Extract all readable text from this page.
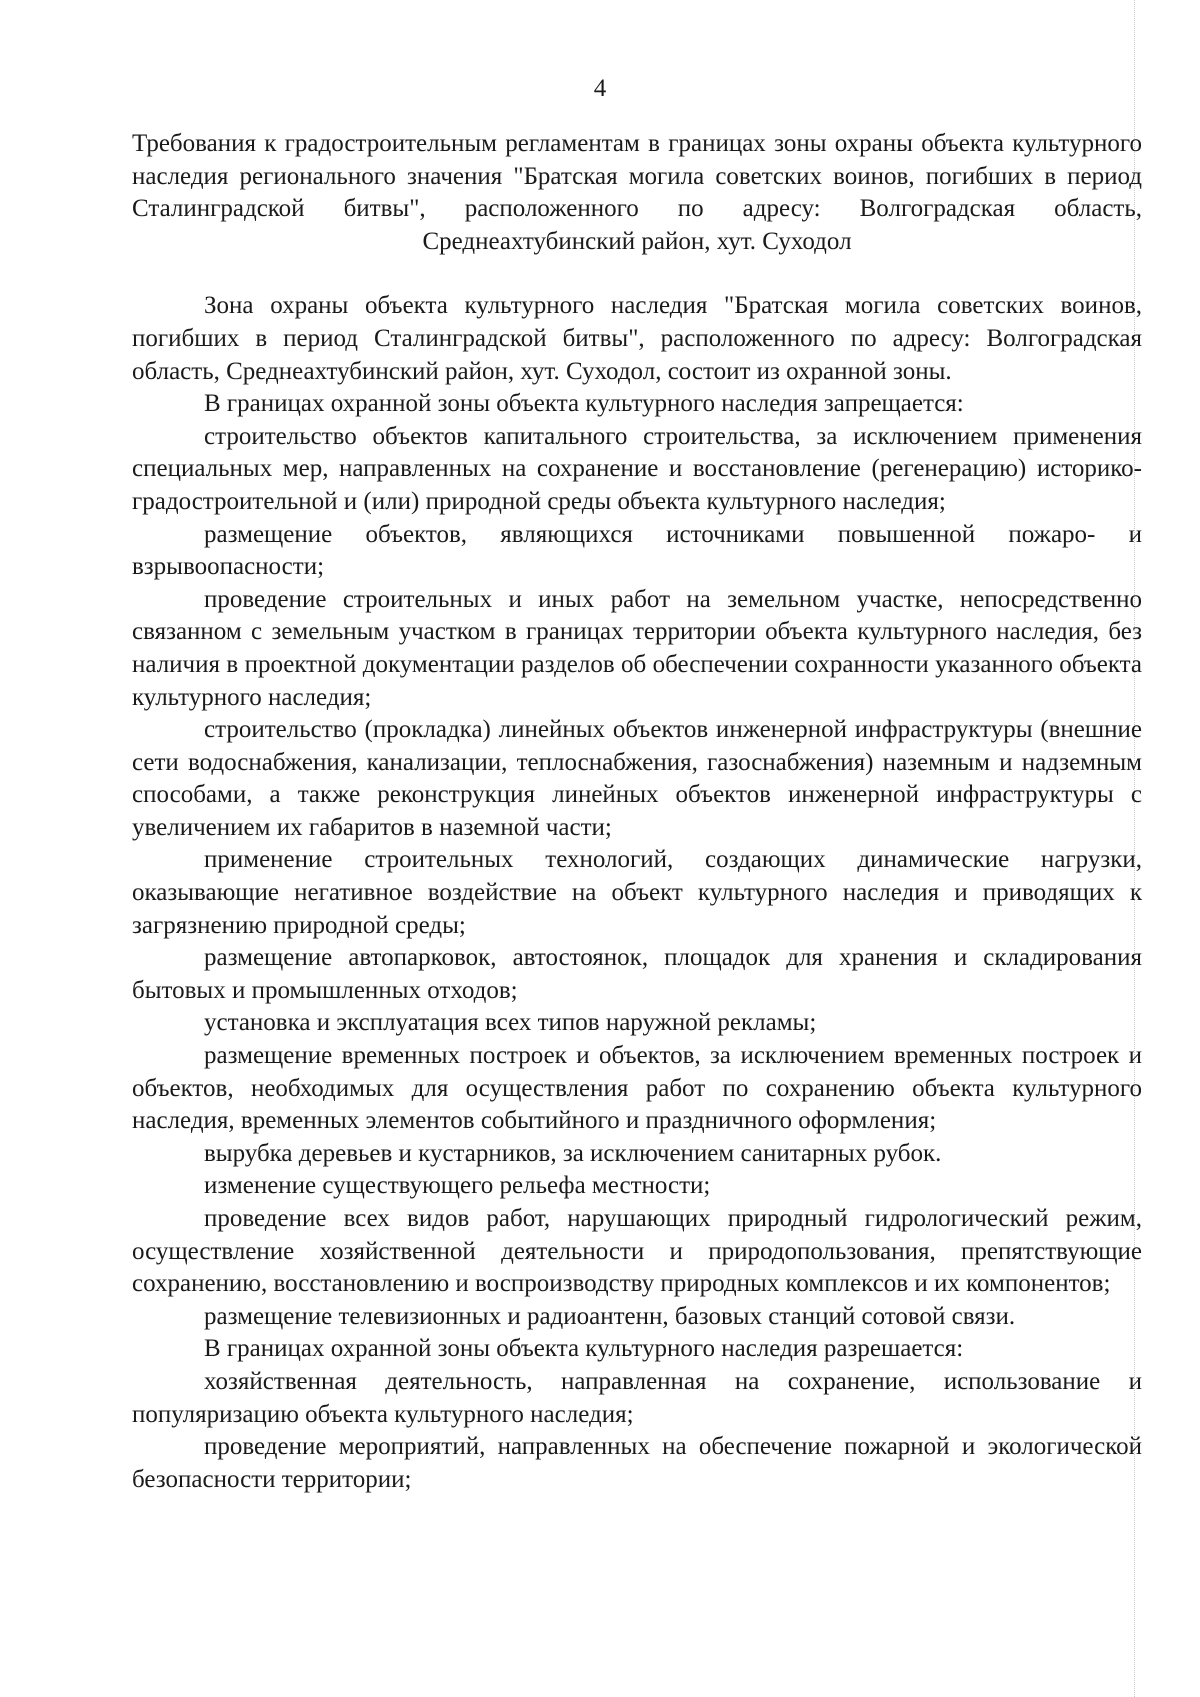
4

Требования к градостроительным регламентам в границах зоны охраны объекта культурного наследия регионального значения "Братская могила советских воинов, погибших в период Сталинградской битвы", расположенного по адресу: Волгоградская область, Среднеахтубинский район, хут. Суходол

Зона охраны объекта культурного наследия "Братская могила советских воинов, погибших в период Сталинградской битвы", расположенного по адресу: Волгоградская область, Среднеахтубинский район, хут. Суходол, состоит из охранной зоны.

В границах охранной зоны объекта культурного наследия запрещается:

строительство объектов капитального строительства, за исключением применения специальных мер, направленных на сохранение и восстановление (регенерацию) историко-градостроительной и (или) природной среды объекта культурного наследия;

размещение объектов, являющихся источниками повышенной пожаро- и взрывоопасности;

проведение строительных и иных работ на земельном участке, непосредственно связанном с земельным участком в границах территории объекта культурного наследия, без наличия в проектной документации разделов об обеспечении сохранности указанного объекта культурного наследия;

строительство (прокладка) линейных объектов инженерной инфраструктуры (внешние сети водоснабжения, канализации, теплоснабжения, газоснабжения) наземным и надземным способами, а также реконструкция линейных объектов инженерной инфраструктуры с увеличением их габаритов в наземной части;

применение строительных технологий, создающих динамические нагрузки, оказывающие негативное воздействие на объект культурного наследия и приводящих к загрязнению природной среды;

размещение автопарковок, автостоянок, площадок для хранения и складирования бытовых и промышленных отходов;

установка и эксплуатация всех типов наружной рекламы;

размещение временных построек и объектов, за исключением временных построек и объектов, необходимых для осуществления работ по сохранению объекта культурного наследия, временных элементов событийного и праздничного оформления;

вырубка деревьев и кустарников, за исключением санитарных рубок.

изменение существующего рельефа местности;

проведение всех видов работ, нарушающих природный гидрологический режим, осуществление хозяйственной деятельности и природопользования, препятствующие сохранению, восстановлению и воспроизводству природных комплексов и их компонентов;

размещение телевизионных и радиоантенн, базовых станций сотовой связи.

В границах охранной зоны объекта культурного наследия разрешается:

хозяйственная деятельность, направленная на сохранение, использование и популяризацию объекта культурного наследия;

проведение мероприятий, направленных на обеспечение пожарной и экологической безопасности территории;
